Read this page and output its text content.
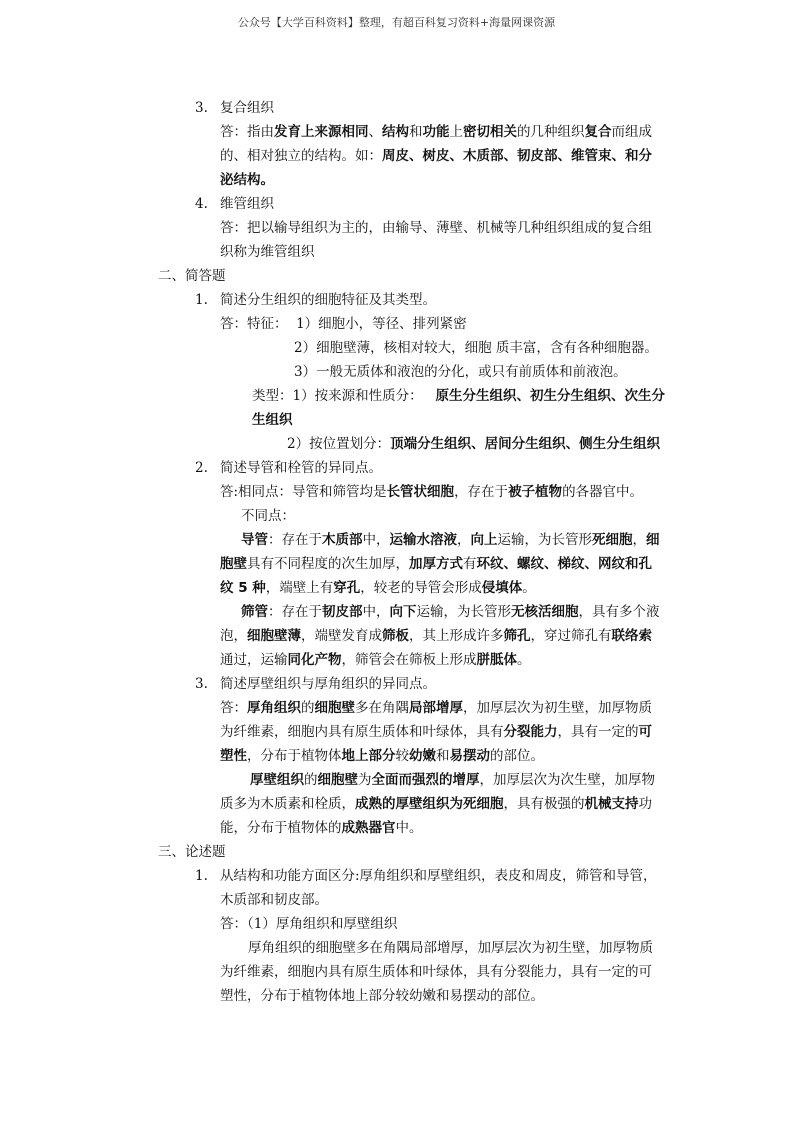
公众号【大学百科资料】整理，有超百科复习资料+海量网课资源
3. 复合组织
答：指由发育上来源相同、结构和功能上密切相关的几种组织复合而组成
的、相对独立的结构。如：周皮、树皮、木质部、韧皮部、维管束、和分
泌结构。
4. 维管组织
答：把以输导组织为主的，由输导、薄壁、机械等几种组织组成的复合组
织称为维管组织
二、简答题
1. 简述分生组织的细胞特征及其类型。
答：特征： 1）细胞小，等径、排列紧密
2）细胞壁薄，核相对较大，细胞 质丰富，含有各种细胞器。
3）一般无质体和液泡的分化，或只有前质体和前液泡。
类型：1）按来源和性质分： 原生分生组织、初生分生组织、次生分
生组织
2）按位置划分：顶端分生组织、居间分生组织、侧生分生组织
2. 简述导管和栓管的异同点。
答:相同点：导管和筛管均是长管状细胞，存在于被子植物的各器官中。
不同点：
导管：存在于木质部中，运输水溶液，向上运输，为长管形死细胞，细
胞壁具有不同程度的次生加厚，加厚方式有环纹、螺纹、梯纹、网纹和孔
纹 5 种，端壁上有穿孔，较老的导管会形成侵填体。
筛管：存在于韧皮部中，向下运输，为长管形无核活细胞，具有多个液
泡，细胞壁薄，端壁发育成筛板，其上形成许多筛孔，穿过筛孔有联络索
通过，运输同化产物，筛管会在筛板上形成胼胝体。
3. 简述厚壁组织与厚角组织的异同点。
答：厚角组织的细胞壁多在角隅局部增厚，加厚层次为初生壁，加厚物质
为纤维素，细胞内具有原生质体和叶绿体，具有分裂能力，具有一定的可
塑性，分布于植物体地上部分较幼嫩和易摆动的部位。
厚壁组织的细胞壁为全面而强烈的增厚，加厚层次为次生壁，加厚物
质多为木质素和栓质，成熟的厚壁组织为死细胞，具有极强的机械支持功
能，分布于植物体的成熟器官中。
三、论述题
1. 从结构和功能方面区分:厚角组织和厚壁组织，表皮和周皮，筛管和导管，
木质部和韧皮部。
答：（1）厚角组织和厚壁组织
厚角组织的细胞壁多在角隅局部增厚，加厚层次为初生壁，加厚物质
为纤维素，细胞内具有原生质体和叶绿体，具有分裂能力，具有一定的可
塑性，分布于植物体地上部分较幼嫩和易摆动的部位。
